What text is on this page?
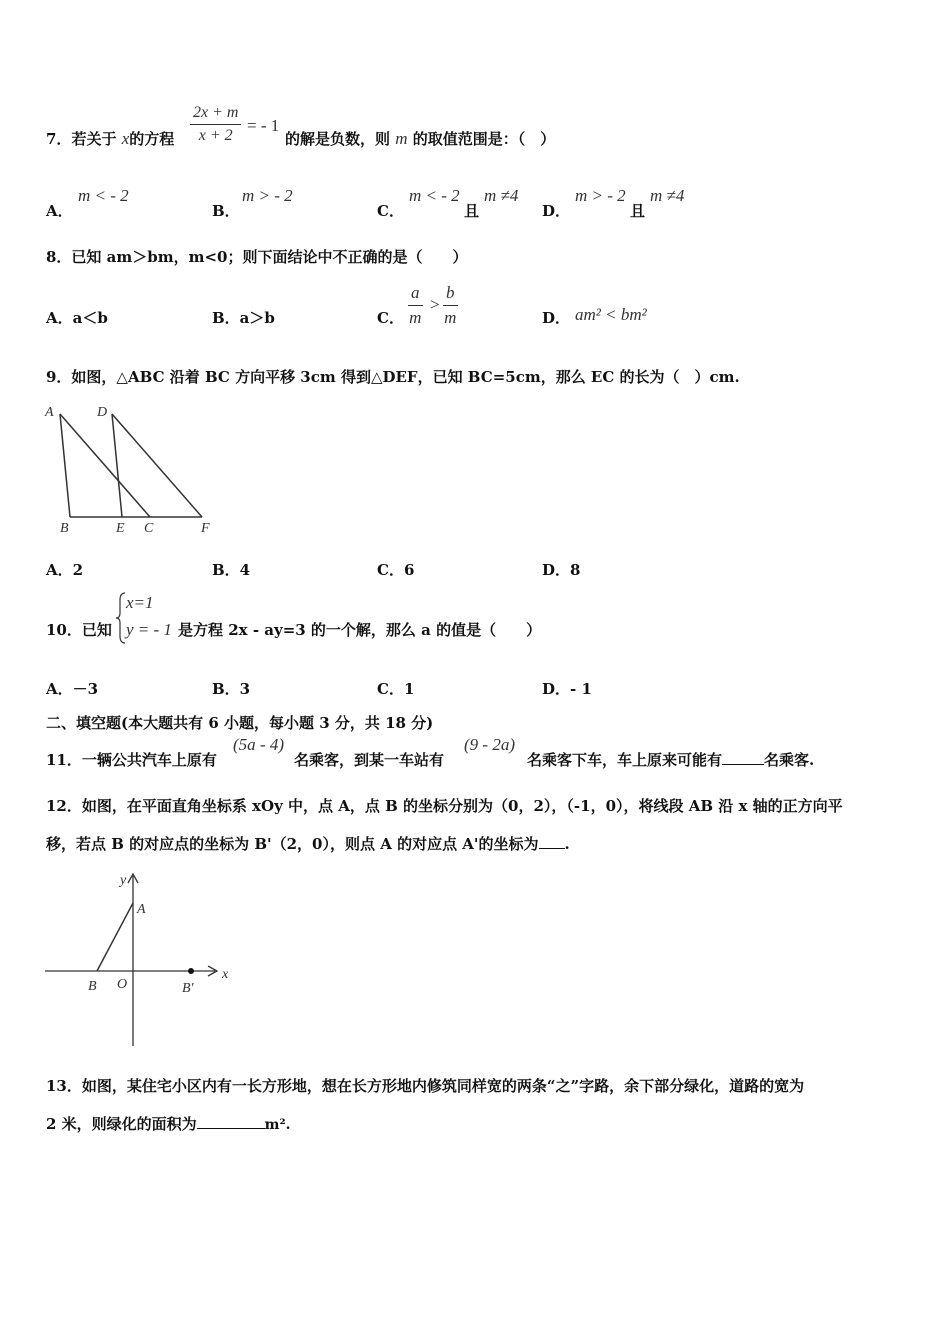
7．若关于 x的方程 $\frac{2x + m}{x + 2}$ = - 1
的解是负数，则 m 的取值范围是：（　）
A．
m < - 2
B．
m > - 2
C．
m < - 2
且
m ≠4
D．
m > - 2
且
m ≠4
8．已知 am＞bm，m<0；则下面结论中不正确的是（　　）
A．a＜b	B．a＞b	C． $\frac{a}{m} > \frac{b}{m}$	D． am² < bm²
9．如图，△ABC 沿着 BC 方向平移 3cm 得到△DEF，已知 BC=5cm，那么 EC 的长为（　）cm.
A	D
B	E C	F
A．2	B．4	C．6	D．8
10．已知
x=1
y = - 1 是方程 2x - ay=3 的一个解，那么 a 的值是（　　）
A．－3	B．3	C．1	D．- 1
二、填空题(本大题共有 6 小题，每小题 3 分，共 18 分)
11．一辆公共汽车上原有
(5a - 4)
名乘客，到某一车站有
(9 - 2a)
名乘客下车，车上原来可能有	名乘客.
12．如图，在平面直角坐标系 xOy 中，点 A，点 B 的坐标分别为（0，2），（-1，0），将线段 AB 沿 x 轴的正方向平
移，若点 B 的对应点的坐标为 B'（2，0），则点 A 的对应点 A'的坐标为 .
y
x
A
B O	B′
13．如图，某住宅小区内有一长方形地，想在长方形地内修筑同样宽的两条“之”字路，余下部分绿化，道路的宽为
2 米，则绿化的面积为	m².
